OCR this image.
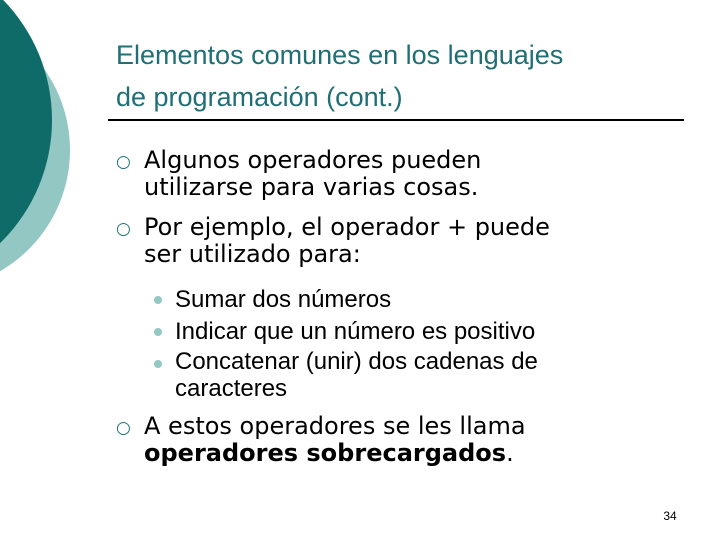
Elementos comunes en los lenguajes
de programación (cont.)
○ Algunos operadores pueden
utilizarse para varias cosas.
○ Por ejemplo, el operador + puede
ser utilizado para:
Sumar dos números
Indicar que un número es positivo
Concatenar (unir) dos cadenas de
caracteres
○ A estos operadores se les llama
operadores sobrecargados.
34
